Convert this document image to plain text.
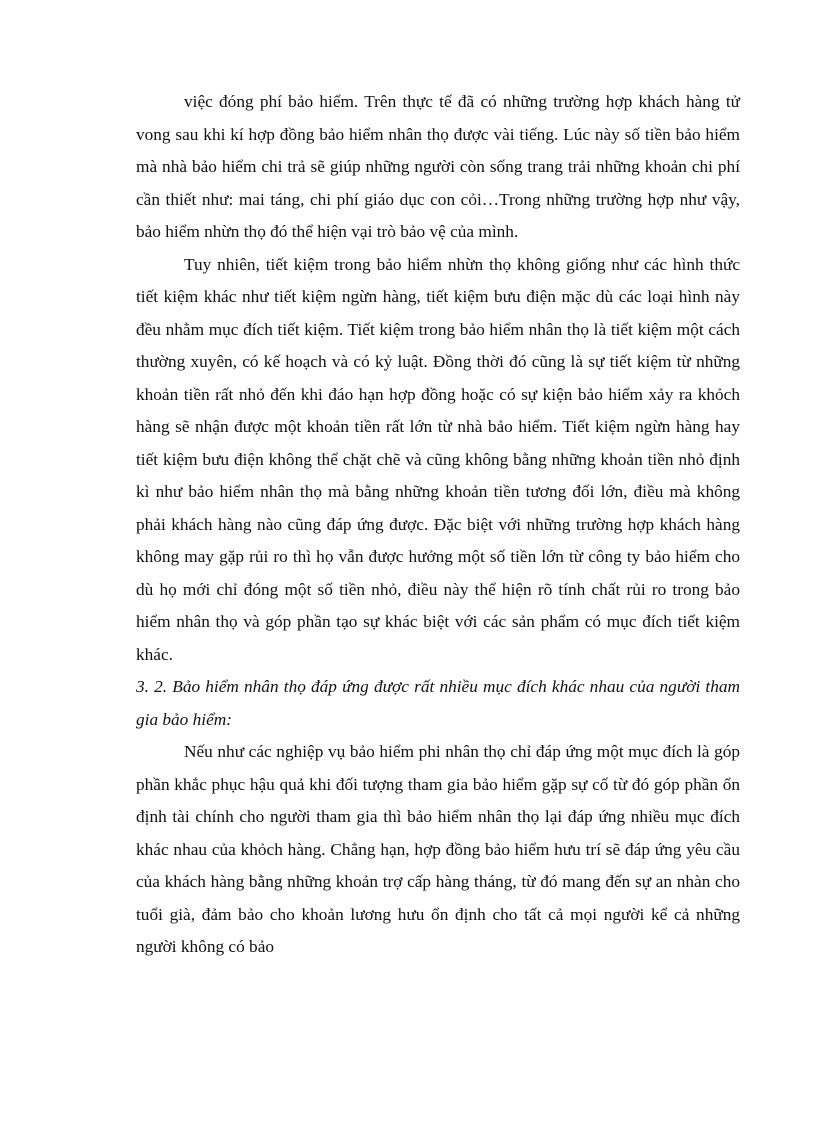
việc đóng phí bảo hiểm. Trên thực tế đã có những trường hợp khách hàng tử vong sau khi kí hợp đồng bảo hiểm nhân thọ được vài tiếng. Lúc này số tiền bảo hiểm mà nhà bảo hiểm chi trả sẽ giúp những người còn sống trang trải những khoản chi phí cần thiết như: mai táng, chi phí giáo dục con cỏi…Trong những trường hợp như vậy, bảo hiểm nhừn thọ đó thể hiện vại trò bảo vệ của mình.

Tuy nhiên, tiết kiệm trong bảo hiểm nhừn thọ không giống như các hình thức tiết kiệm khác như tiết kiệm ngừn hàng, tiết kiệm bưu điện mặc dù các loại hình này đều nhằm mục đích tiết kiệm. Tiết kiệm trong bảo hiểm nhân thọ là tiết kiệm một cách thường xuyên, có kế hoạch và có kỷ luật. Đồng thời đó cũng là sự tiết kiệm từ những khoản tiền rất nhỏ đến khi đáo hạn hợp đồng hoặc có sự kiện bảo hiểm xảy ra khỏch hàng sẽ nhận được một khoản tiền rất lớn từ nhà bảo hiểm. Tiết kiệm ngừn hàng hay tiết kiệm bưu điện không thể chặt chẽ và cũng không bằng những khoản tiền nhỏ định kì như bảo hiểm nhân thọ mà bằng những khoản tiền tương đối lớn, điều mà không phải khách hàng nào cũng đáp ứng được. Đặc biệt với những trường hợp khách hàng không may gặp rủi ro thì họ vẫn được hưởng một số tiền lớn từ công ty bảo hiểm cho dù họ mới chỉ đóng một số tiền nhỏ, điều này thể hiện rõ tính chất rủi ro trong bảo hiểm nhân thọ và góp phần tạo sự khác biệt với các sản phẩm có mục đích tiết kiệm khác.

3. 2. Bảo hiểm nhân thọ đáp ứng được rất nhiều mục đích khác nhau của người tham gia bảo hiểm:

Nếu như các nghiệp vụ bảo hiểm phi nhân thọ chỉ đáp ứng một mục đích là góp phần khắc phục hậu quả khi đối tượng tham gia bảo hiểm gặp sự cố từ đó góp phần ổn định tài chính cho người tham gia thì bảo hiểm nhân thọ lại đáp ứng nhiều mục đích khác nhau của khỏch hàng. Chẳng hạn, hợp đồng bảo hiểm hưu trí sẽ đáp ứng yêu cầu của khách hàng bằng những khoản trợ cấp hàng tháng, từ đó mang đến sự an nhàn cho tuổi già, đảm bảo cho khoản lương hưu ổn định cho tất cả mọi người kể cả những người không có bảo
